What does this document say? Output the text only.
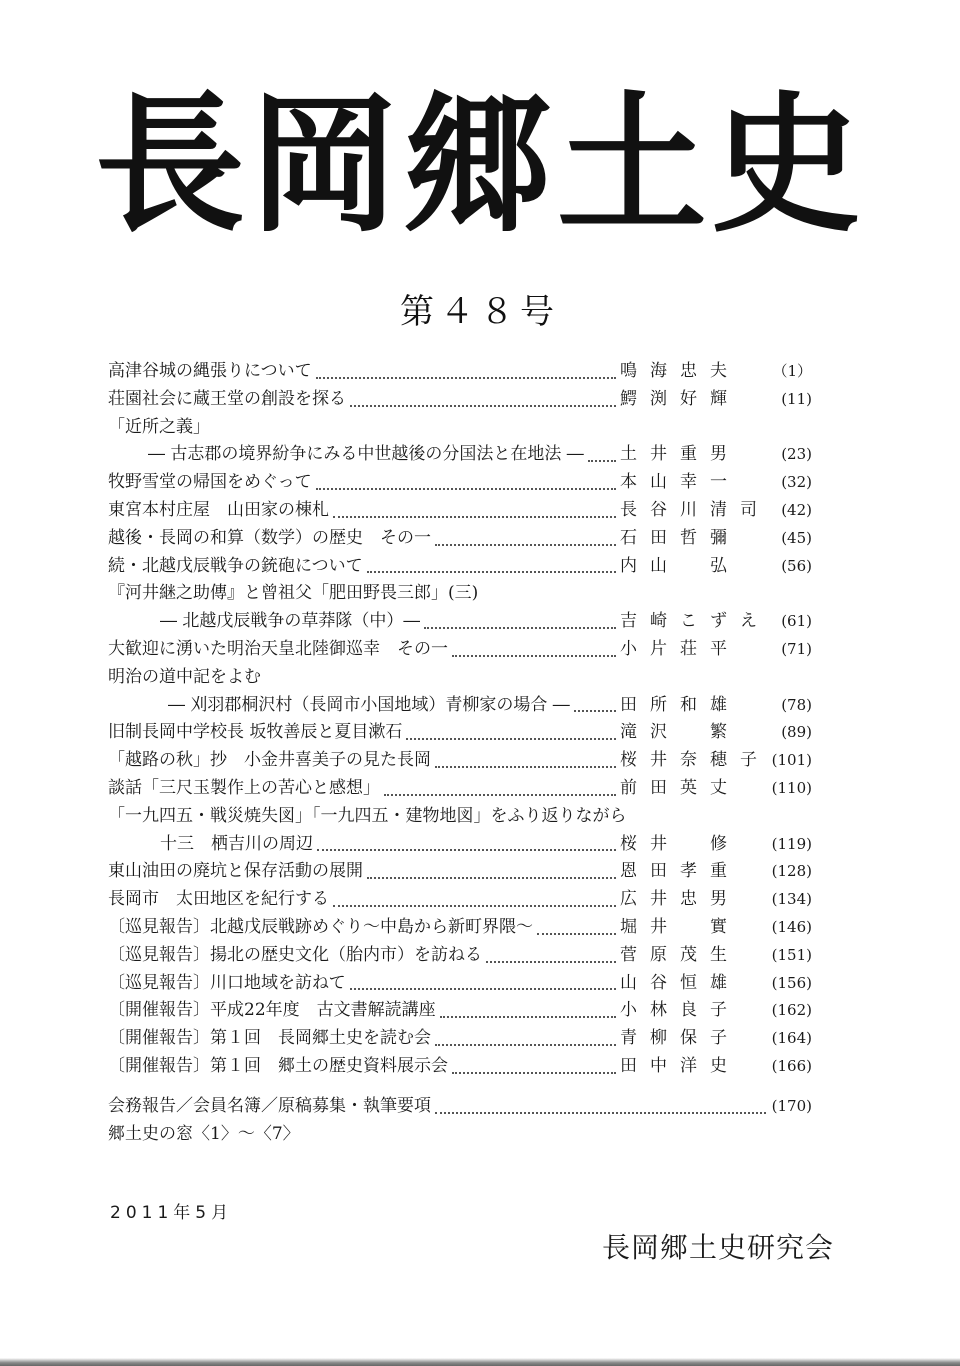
長岡郷土史
第４８号
高津谷城の縄張りについて	鳴海忠夫	（1）
荘園社会に蔵王堂の創設を探る	鰐渕好輝	(11)
「近所之義」
― 古志郡の境界紛争にみる中世越後の分国法と在地法 ― 土井重男	(23)
牧野雪堂の帰国をめぐって	本山幸一	(32)
東宮本村庄屋　山田家の棟札	長谷川清司 (42)
越後・長岡の和算（数学）の歴史　その一	石田哲彌	(45)
続・北越戊辰戦争の銃砲について	内山　弘	(56)
『河井継之助傳』と曾祖父「肥田野畏三郎」(三)
― 北越戊辰戦争の草莽隊（中）―	吉崎こずえ (61)
大歓迎に湧いた明治天皇北陸御巡幸　その一	小片荘平	(71)
明治の道中記をよむ
― 刈羽郡桐沢村（長岡市小国地域）青柳家の場合 ―	田所和雄	(78)
旧制長岡中学校長 坂牧善辰と夏目漱石	滝沢　繁	(89)
「越路の秋」抄　小金井喜美子の見た長岡	桜井奈穂子 (101)
談話「三尺玉製作上の苦心と感想」	前田英丈	(110)
「一九四五・戦災焼失図」「一九四五・建物地図」をふり返りながら
十三　栖吉川の周辺	桜井　修	(119)
東山油田の廃坑と保存活動の展開	恩田孝重	(128)
長岡市　太田地区を紀行する	広井忠男	(134)
〔巡見報告〕北越戊辰戦跡めぐり～中島から新町界隈～	堀井　實	(146)
〔巡見報告〕揚北の歴史文化（胎内市）を訪ねる	菅原茂生	(151)
〔巡見報告〕川口地域を訪ねて	山谷恒雄	(156)
〔開催報告〕平成22年度　古文書解読講座	小林良子	(162)
〔開催報告〕第１回　長岡郷土史を読む会	青柳保子	(164)
〔開催報告〕第１回　郷土の歴史資料展示会	田中洋史	(166)
会務報告／会員名簿／原稿募集・執筆要項	(170)
郷土史の窓〈1〉～〈7〉
2011年5月
長岡郷土史研究会
